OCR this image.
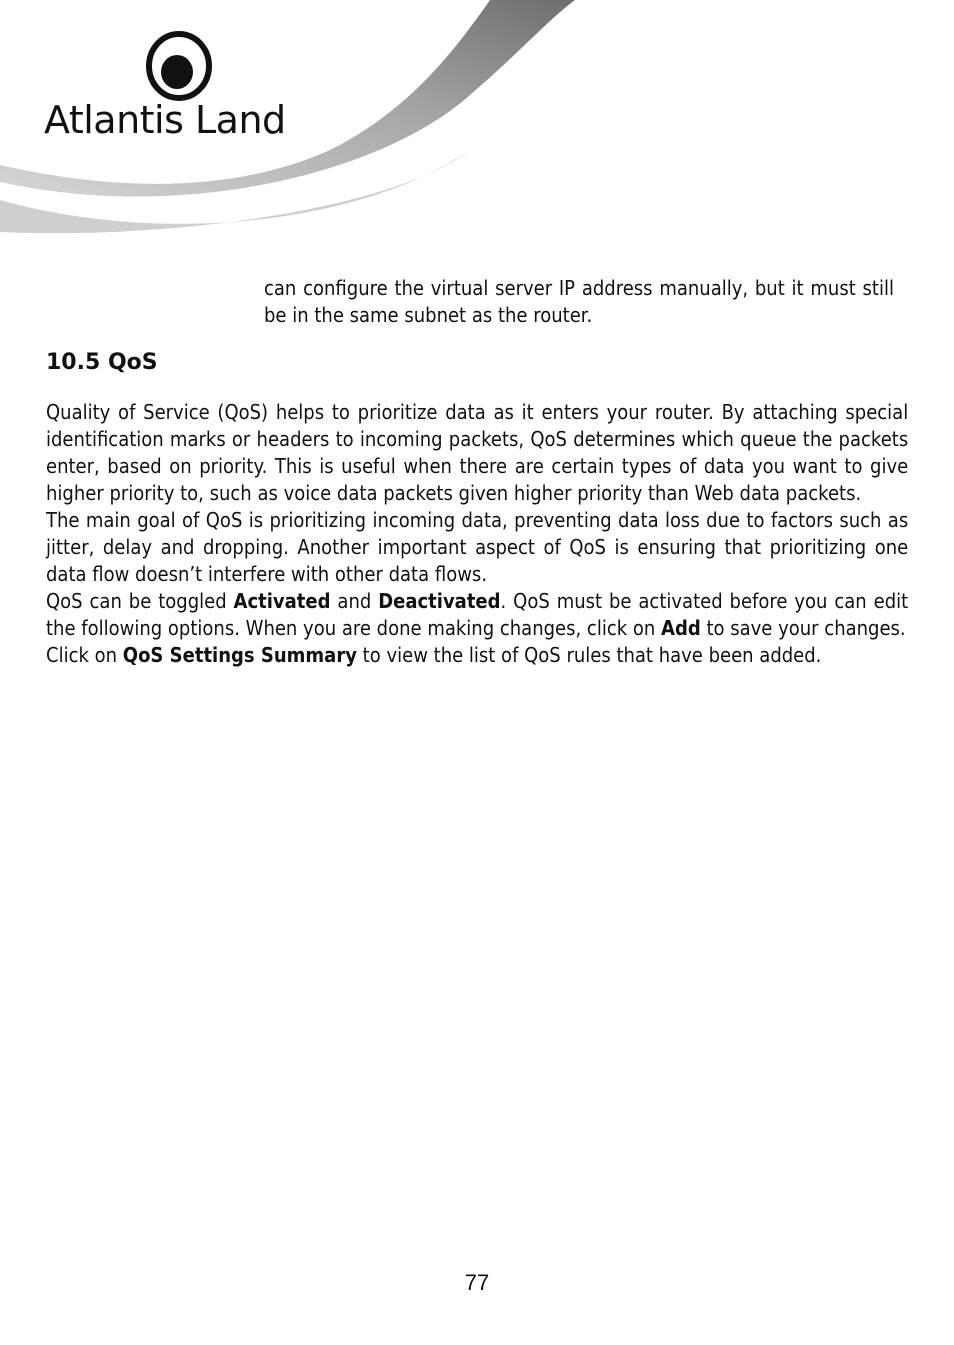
Atlantis Land
can configure the virtual server IP address manually, but it must still be in the same subnet as the router.
10.5 QoS

Quality of Service (QoS) helps to prioritize data as it enters your router. By attaching special identification marks or headers to incoming packets, QoS determines which queue the packets enter, based on priority. This is useful when there are certain types of data you want to give higher priority to, such as voice data packets given higher priority than Web data packets.

The main goal of QoS is prioritizing incoming data, preventing data loss due to factors such as jitter, delay and dropping. Another important aspect of QoS is ensuring that prioritizing one data flow doesn’t interfere with other data flows.

QoS can be toggled Activated and Deactivated. QoS must be activated before you can edit the following options. When you are done making changes, click on Add to save your changes.

Click on QoS Settings Summary to view the list of QoS rules that have been added.

77
